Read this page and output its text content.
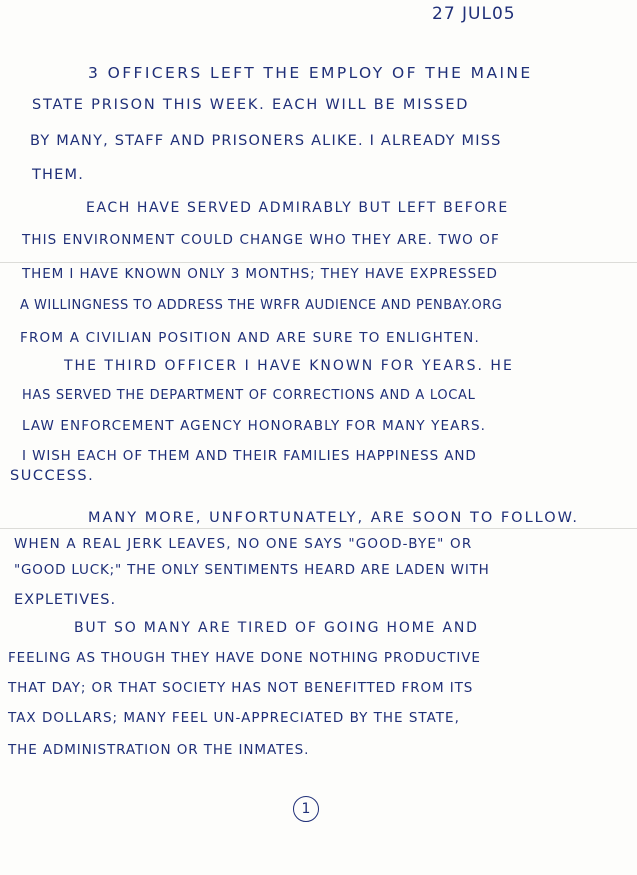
27 JUL05
3 OFFICERS LEFT THE EMPLOY OF THE MAINE
STATE PRISON THIS WEEK. EACH WILL BE MISSED
BY MANY, STAFF AND PRISONERS ALIKE. I ALREADY MISS
THEM.
EACH HAVE SERVED ADMIRABLY BUT LEFT BEFORE
THIS ENVIRONMENT COULD CHANGE WHO THEY ARE. TWO OF
THEM I HAVE KNOWN ONLY 3 MONTHS; THEY HAVE EXPRESSED
A WILLINGNESS TO ADDRESS THE WRFR AUDIENCE AND PENBAY.ORG
FROM A CIVILIAN POSITION AND ARE SURE TO ENLIGHTEN.
THE THIRD OFFICER I HAVE KNOWN FOR YEARS. HE
HAS SERVED THE DEPARTMENT OF CORRECTIONS AND A LOCAL
LAW ENFORCEMENT AGENCY HONORABLY FOR MANY YEARS.
I WISH EACH OF THEM AND THEIR FAMILIES HAPPINESS AND
SUCCESS.
MANY MORE, UNFORTUNATELY, ARE SOON TO FOLLOW.
WHEN A REAL JERK LEAVES, NO ONE SAYS "GOOD-BYE" OR
"GOOD LUCK;" THE ONLY SENTIMENTS HEARD ARE LADEN WITH
EXPLETIVES.
BUT SO MANY ARE TIRED OF GOING HOME AND
FEELING AS THOUGH THEY HAVE DONE NOTHING PRODUCTIVE
THAT DAY; OR THAT SOCIETY HAS NOT BENEFITTED FROM ITS
TAX DOLLARS; MANY FEEL UN-APPRECIATED BY THE STATE,
THE ADMINISTRATION OR THE INMATES.
1
